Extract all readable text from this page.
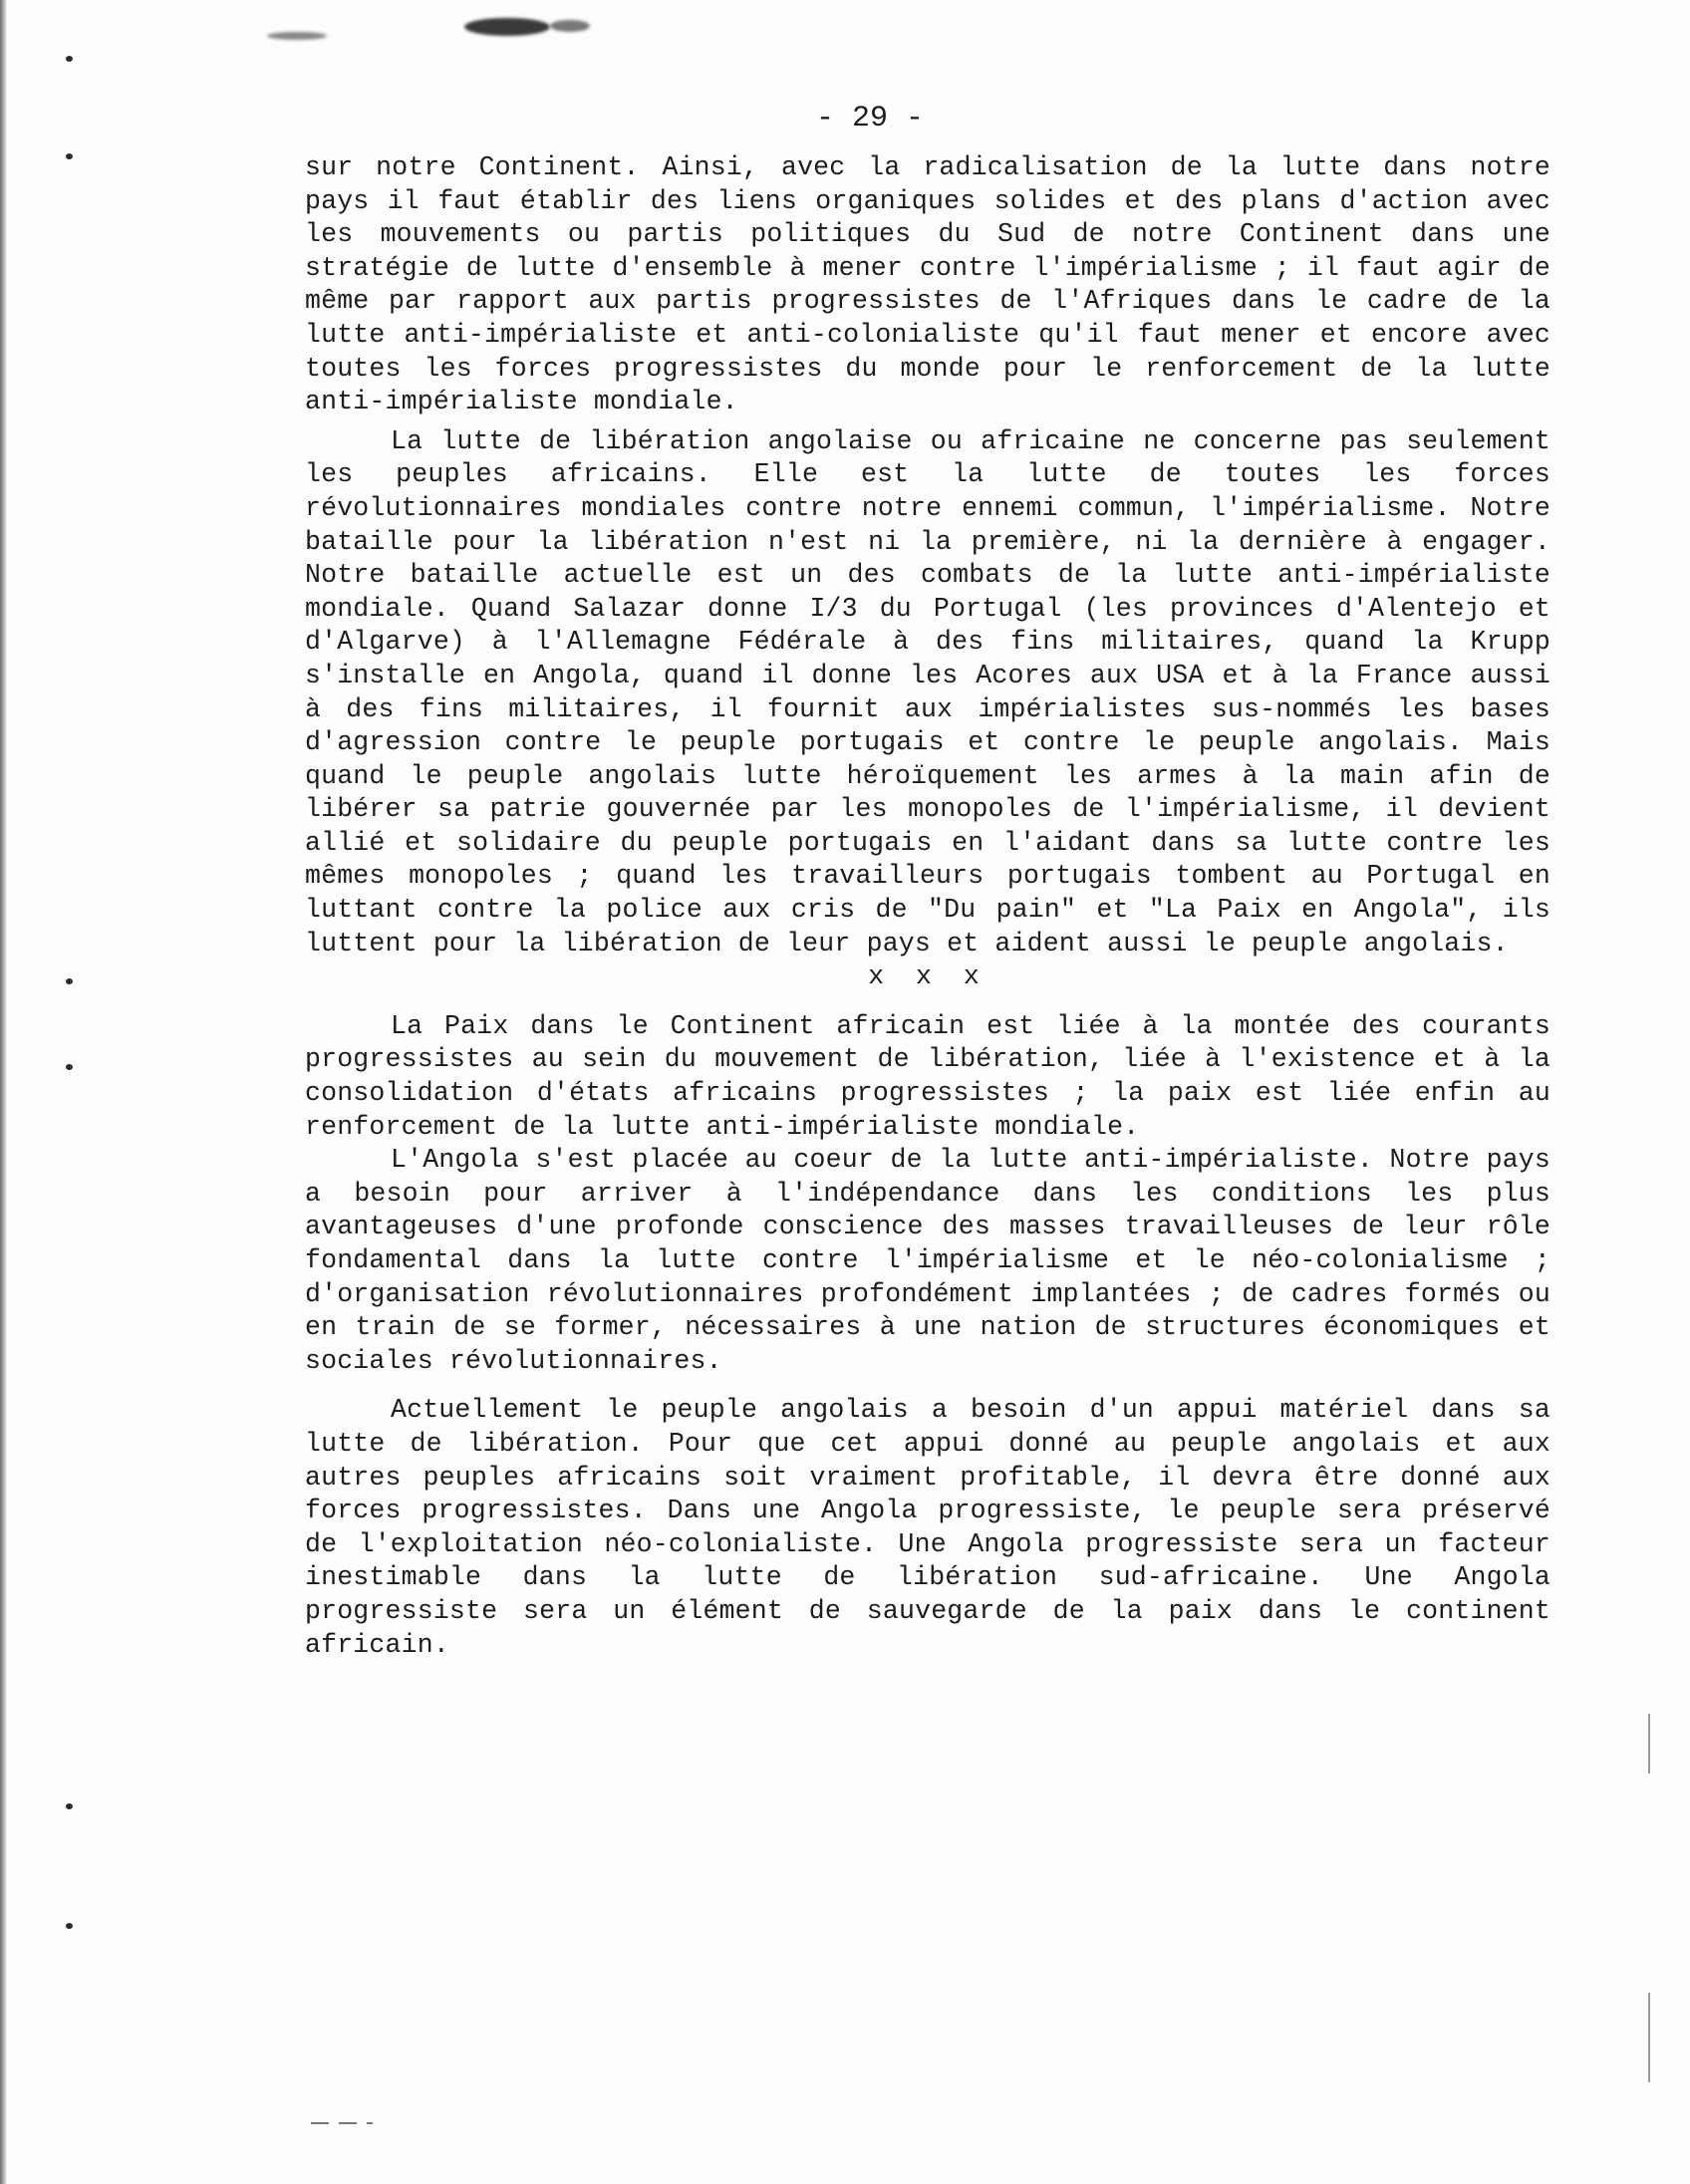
- 29 -

sur notre Continent. Ainsi, avec la radicalisation de la lutte dans notre pays il faut établir des liens organiques solides et des plans d'action avec les mouvements ou partis politiques du Sud de notre Continent dans une stratégie de lutte d'ensemble à mener contre l'impérialisme ; il faut agir de même par rapport aux partis progressistes de l'Afriques dans le cadre de la lutte anti-impérialiste et anti-colonialiste qu'il faut mener et encore avec toutes les forces progressistes du monde pour le renforcement de la lutte anti-impérialiste mondiale.

La lutte de libération angolaise ou africaine ne concerne pas seulement les peuples africains. Elle est la lutte de toutes les forces révolutionnaires mondiales contre notre ennemi commun, l'impérialisme. Notre bataille pour la libération n'est ni la première, ni la dernière à engager. Notre bataille actuelle est un des combats de la lutte anti-impérialiste mondiale. Quand Salazar donne I/3 du Portugal (les provinces d'Alentejo et d'Algarve) à l'Allemagne Fédérale à des fins militaires, quand la Krupp s'installe en Angola, quand il donne les Acores aux USA et à la France aussi à des fins militaires, il fournit aux impérialistes sus-nommés les bases d'agression contre le peuple portugais et contre le peuple angolais. Mais quand le peuple angolais lutte héroïquement les armes à la main afin de libérer sa patrie gouvernée par les monopoles de l'impérialisme, il devient allié et solidaire du peuple portugais en l'aidant dans sa lutte contre les mêmes monopoles ; quand les travailleurs portugais tombent au Portugal en luttant contre la police aux cris de "Du pain" et "La Paix en Angola", ils luttent pour la libération de leur pays et aident aussi le peuple angolais.

x x x

La Paix dans le Continent africain est liée à la montée des courants progressistes au sein du mouvement de libération, liée à l'existence et à la consolidation d'états africains progressistes ; la paix est liée enfin au renforcement de la lutte anti-impérialiste mondiale.

L'Angola s'est placée au coeur de la lutte anti-impérialiste. Notre pays a besoin pour arriver à l'indépendance dans les conditions les plus avantageuses d'une profonde conscience des masses travailleuses de leur rôle fondamental dans la lutte contre l'impérialisme et le néo-colonialisme ; d'organisation révolutionnaires profondément implantées ; de cadres formés ou en train de se former, nécessaires à une nation de structures économiques et sociales révolutionnaires.

Actuellement le peuple angolais a besoin d'un appui matériel dans sa lutte de libération. Pour que cet appui donné au peuple angolais et aux autres peuples africains soit vraiment profitable, il devra être donné aux forces progressistes. Dans une Angola progressiste, le peuple sera préservé de l'exploitation néo-colonialiste. Une Angola progressiste sera un facteur inestimable dans la lutte de libération sud-africaine. Une Angola progressiste sera un élément de sauvegarde de la paix dans le continent africain.
